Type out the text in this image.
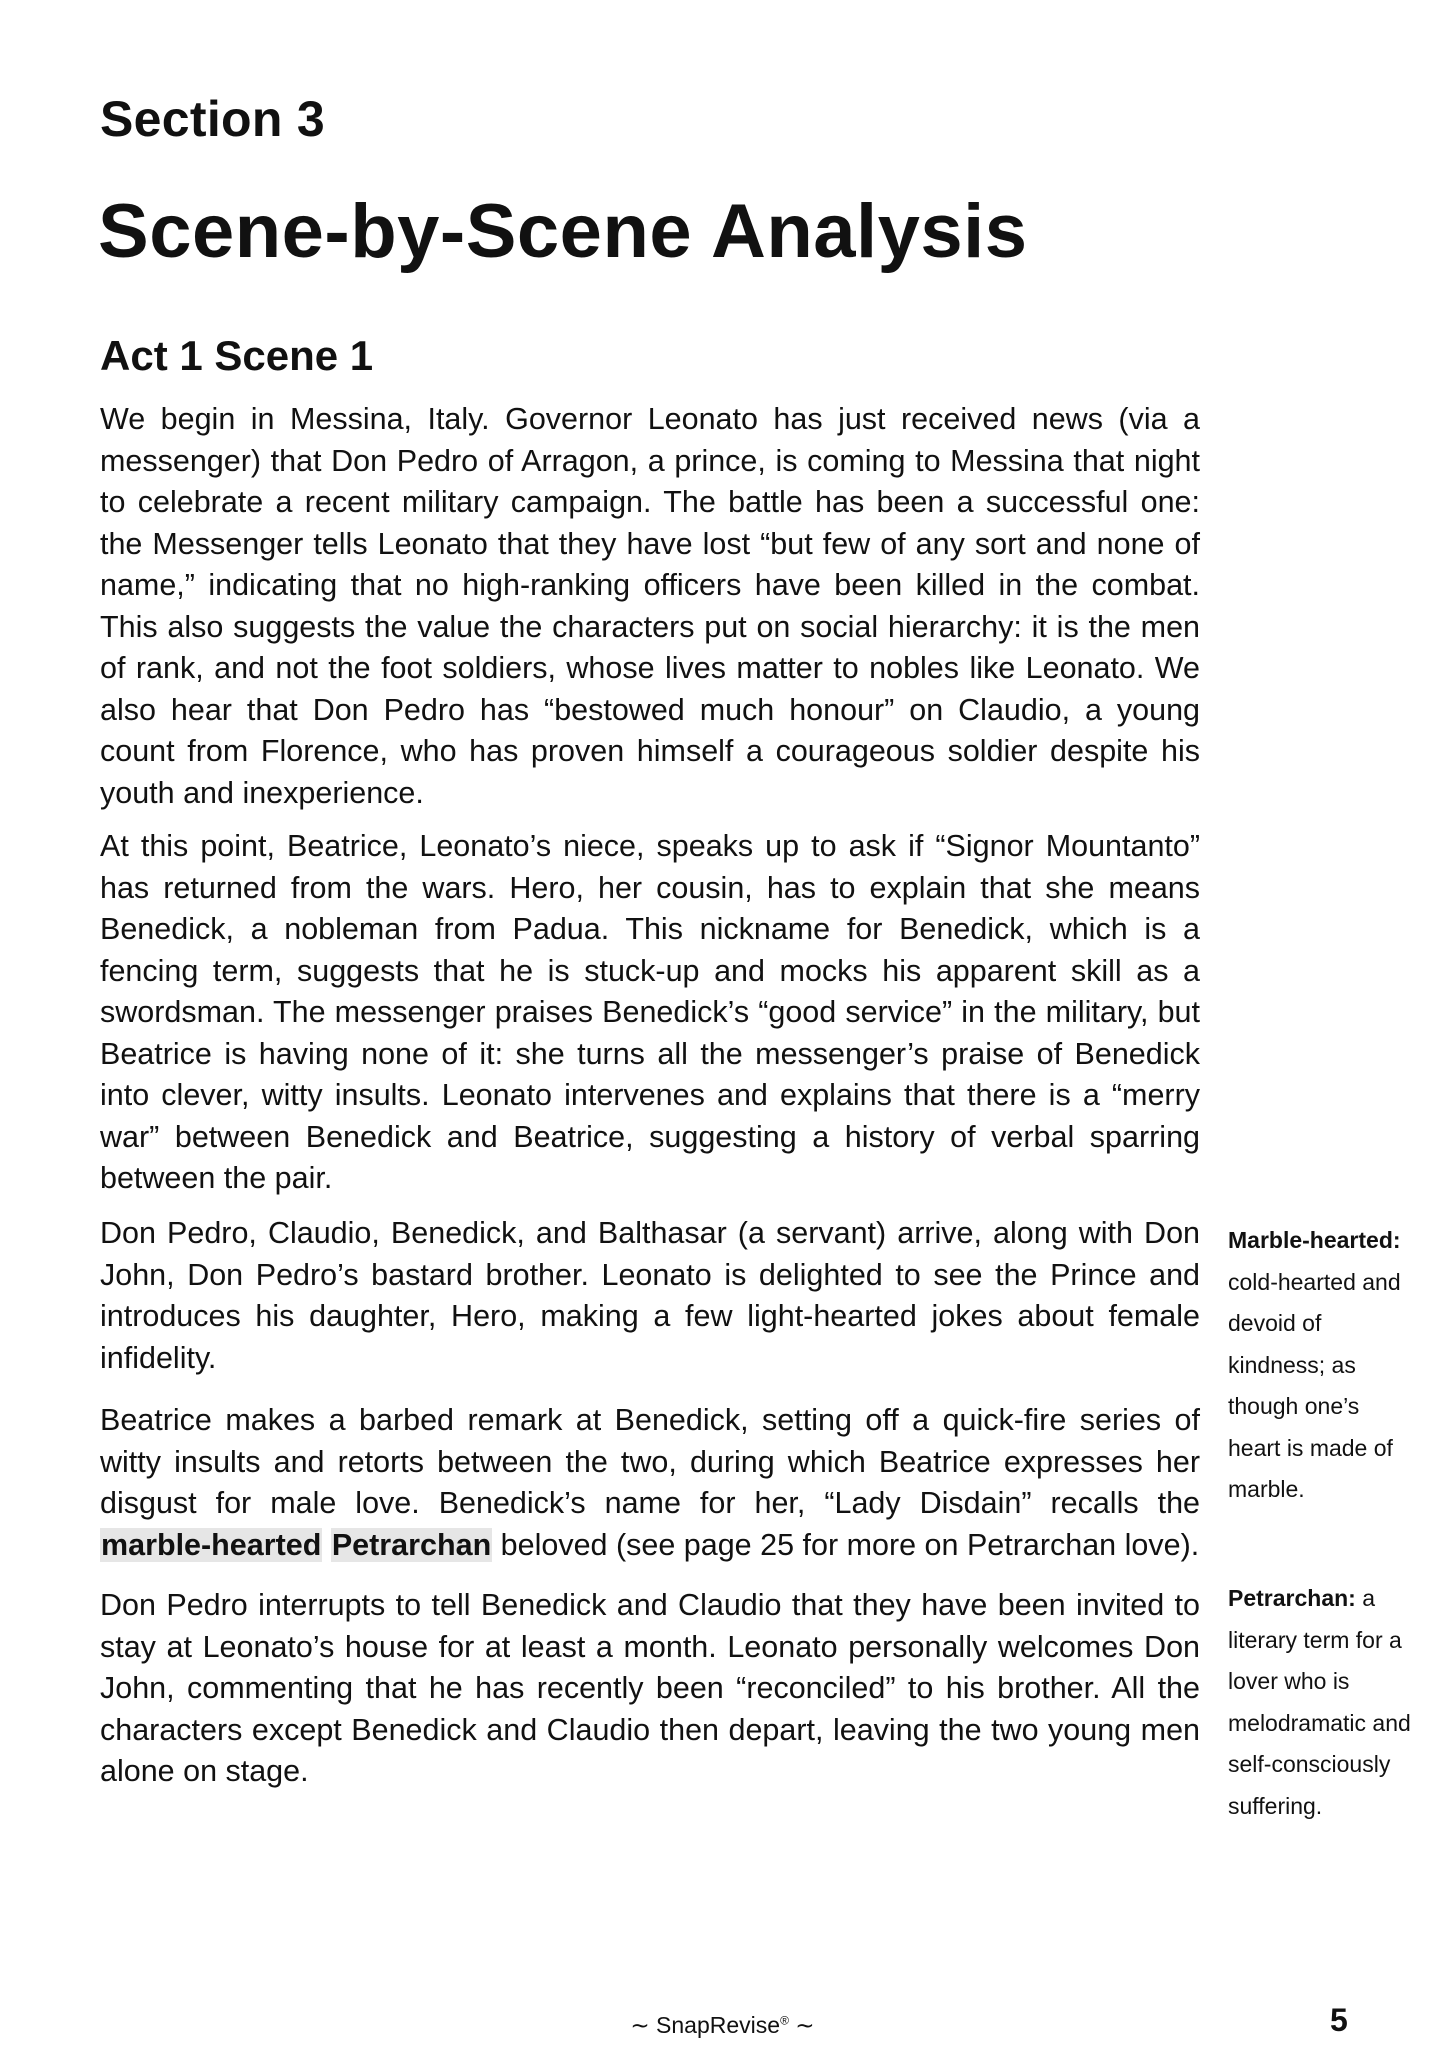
Section 3
Scene-by-Scene Analysis
Act 1 Scene 1

We begin in Messina, Italy. Governor Leonato has just received news (via a messenger) that Don Pedro of Arragon, a prince, is coming to Messina that night to celebrate a recent military campaign. The battle has been a successful one: the Messenger tells Leonato that they have lost “but few of any sort and none of name,” indicating that no high-ranking officers have been killed in the combat. This also suggests the value the characters put on social hierarchy: it is the men of rank, and not the foot soldiers, whose lives matter to nobles like Leonato. We also hear that Don Pedro has “bestowed much honour” on Claudio, a young count from Florence, who has proven himself a courageous soldier despite his youth and inexperience.

At this point, Beatrice, Leonato’s niece, speaks up to ask if “Signor Mountanto” has returned from the wars. Hero, her cousin, has to explain that she means Benedick, a nobleman from Padua. This nickname for Benedick, which is a fencing term, suggests that he is stuck-up and mocks his apparent skill as a swordsman. The messenger praises Benedick’s “good service” in the military, but Beatrice is having none of it: she turns all the messenger’s praise of Benedick into clever, witty insults. Leonato intervenes and explains that there is a “merry war” between Benedick and Beatrice, suggesting a history of verbal sparring between the pair.

Don Pedro, Claudio, Benedick, and Balthasar (a servant) arrive, along with Don John, Don Pedro’s bastard brother. Leonato is delighted to see the Prince and introduces his daughter, Hero, making a few light-hearted jokes about female infidelity.

Beatrice makes a barbed remark at Benedick, setting off a quick-fire series of witty insults and retorts between the two, during which Beatrice expresses her disgust for male love. Benedick’s name for her, “Lady Disdain” recalls the marble-hearted Petrarchan beloved (see page 25 for more on Petrarchan love).

Don Pedro interrupts to tell Benedick and Claudio that they have been invited to stay at Leonato’s house for at least a month. Leonato personally welcomes Don John, commenting that he has recently been “reconciled” to his brother. All the characters except Benedick and Claudio then depart, leaving the two young men alone on stage.

Marble-hearted: cold-hearted and devoid of kindness; as though one’s heart is made of marble.
Petrarchan: a literary term for a lover who is melodramatic and self-consciously suffering.
∼ SnapRevise® ∼	5
